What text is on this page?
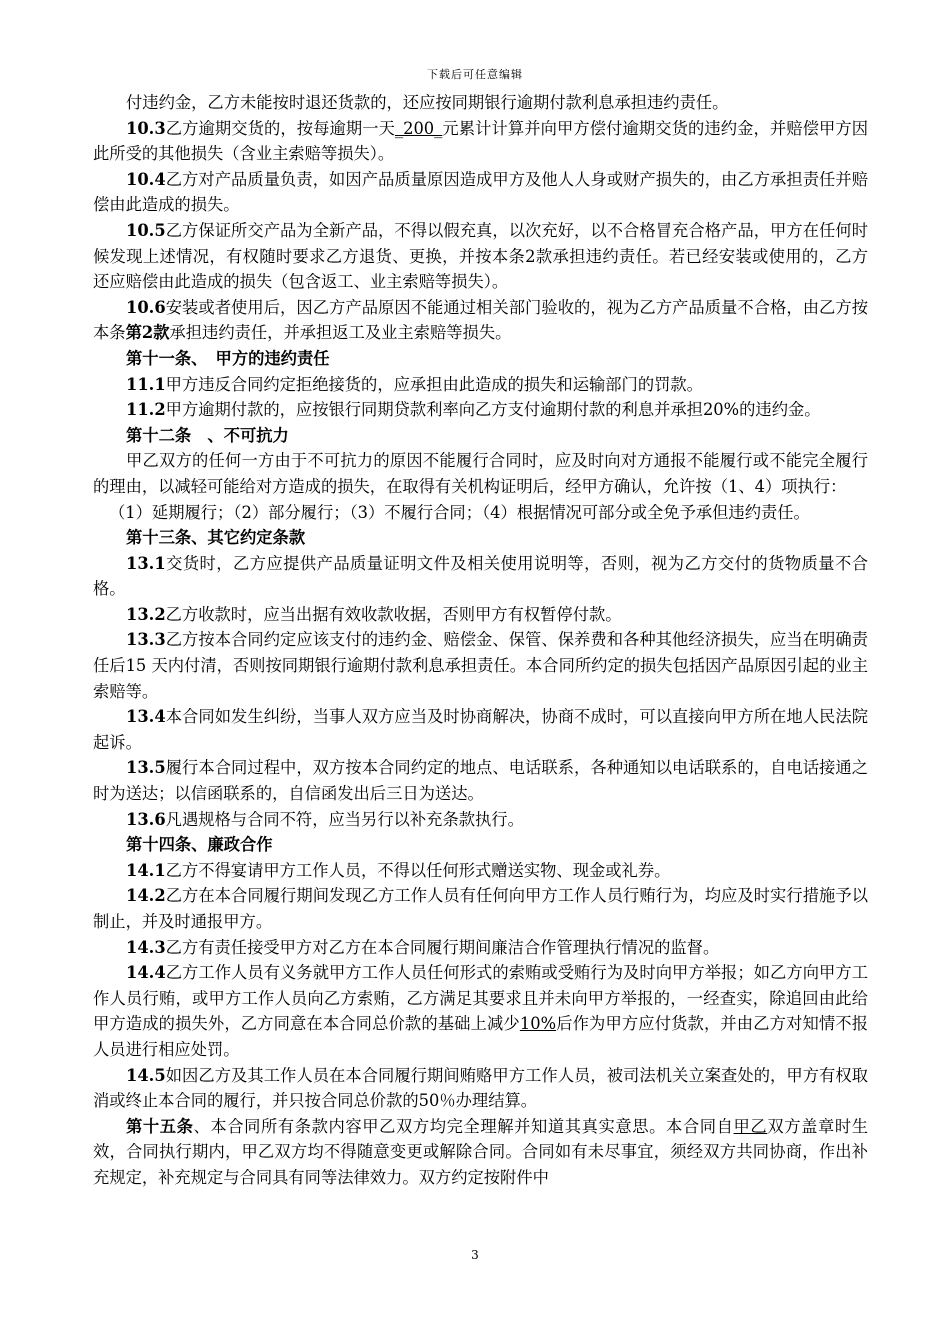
下载后可任意编辑

付违约金，乙方未能按时退还货款的，还应按同期银行逾期付款利息承担违约责任。

10.3乙方逾期交货的，按每逾期一天_200_元累计计算并向甲方偿付逾期交货的违约金，并赔偿甲方因此所受的其他损失（含业主索赔等损失）。

10.4乙方对产品质量负责，如因产品质量原因造成甲方及他人人身或财产损失的，由乙方承担责任并赔偿由此造成的损失。

10.5乙方保证所交产品为全新产品，不得以假充真，以次充好，以不合格冒充合格产品，甲方在任何时候发现上述情况，有权随时要求乙方退货、更换，并按本条2款承担违约责任。若已经安装或使用的，乙方还应赔偿由此造成的损失（包含返工、业主索赔等损失）。

10.6安装或者使用后，因乙方产品原因不能通过相关部门验收的，视为乙方产品质量不合格，由乙方按本条第2款承担违约责任，并承担返工及业主索赔等损失。

第十一条、　甲方的违约责任

11.1甲方违反合同约定拒绝接货的，应承担由此造成的损失和运输部门的罚款。

11.2甲方逾期付款的，应按银行同期贷款利率向乙方支付逾期付款的利息并承担20%的违约金。

第十二条　、不可抗力

甲乙双方的任何一方由于不可抗力的原因不能履行合同时，应及时向对方通报不能履行或不能完全履行的理由，以减轻可能给对方造成的损失，在取得有关机构证明后，经甲方确认，允许按（1、4）项执行：

（1）延期履行；（2）部分履行；（3）不履行合同；（4）根据情况可部分或全免予承但违约责任。

第十三条、其它约定条款

13.1交货时，乙方应提供产品质量证明文件及相关使用说明等，否则，视为乙方交付的货物质量不合格。

13.2乙方收款时，应当出据有效收款收据，否则甲方有权暂停付款。

13.3乙方按本合同约定应该支付的违约金、赔偿金、保管、保养费和各种其他经济损失，应当在明确责任后15 天内付清，否则按同期银行逾期付款利息承担责任。本合同所约定的损失包括因产品原因引起的业主索赔等。

13.4本合同如发生纠纷，当事人双方应当及时协商解决，协商不成时，可以直接向甲方所在地人民法院起诉。

13.5履行本合同过程中，双方按本合同约定的地点、电话联系，各种通知以电话联系的，自电话接通之时为送达；以信函联系的，自信函发出后三日为送达。

13.6凡遇规格与合同不符，应当另行以补充条款执行。

第十四条、廉政合作

14.1乙方不得宴请甲方工作人员，不得以任何形式赠送实物、现金或礼券。

14.2乙方在本合同履行期间发现乙方工作人员有任何向甲方工作人员行贿行为，均应及时实行措施予以制止，并及时通报甲方。

14.3乙方有责任接受甲方对乙方在本合同履行期间廉洁合作管理执行情况的监督。

14.4乙方工作人员有义务就甲方工作人员任何形式的索贿或受贿行为及时向甲方举报；如乙方向甲方工作人员行贿，或甲方工作人员向乙方索贿，乙方满足其要求且并未向甲方举报的，一经查实，除追回由此给甲方造成的损失外，乙方同意在本合同总价款的基础上减少10%后作为甲方应付货款，并由乙方对知情不报人员进行相应处罚。

14.5如因乙方及其工作人员在本合同履行期间贿赂甲方工作人员，被司法机关立案查处的，甲方有权取消或终止本合同的履行，并只按合同总价款的50％办理结算。

第十五条、本合同所有条款内容甲乙双方均完全理解并知道其真实意思。本合同自甲乙双方盖章时生效，合同执行期内，甲乙双方均不得随意变更或解除合同。合同如有未尽事宜，须经双方共同协商，作出补充规定，补充规定与合同具有同等法律效力。双方约定按附件中

3
